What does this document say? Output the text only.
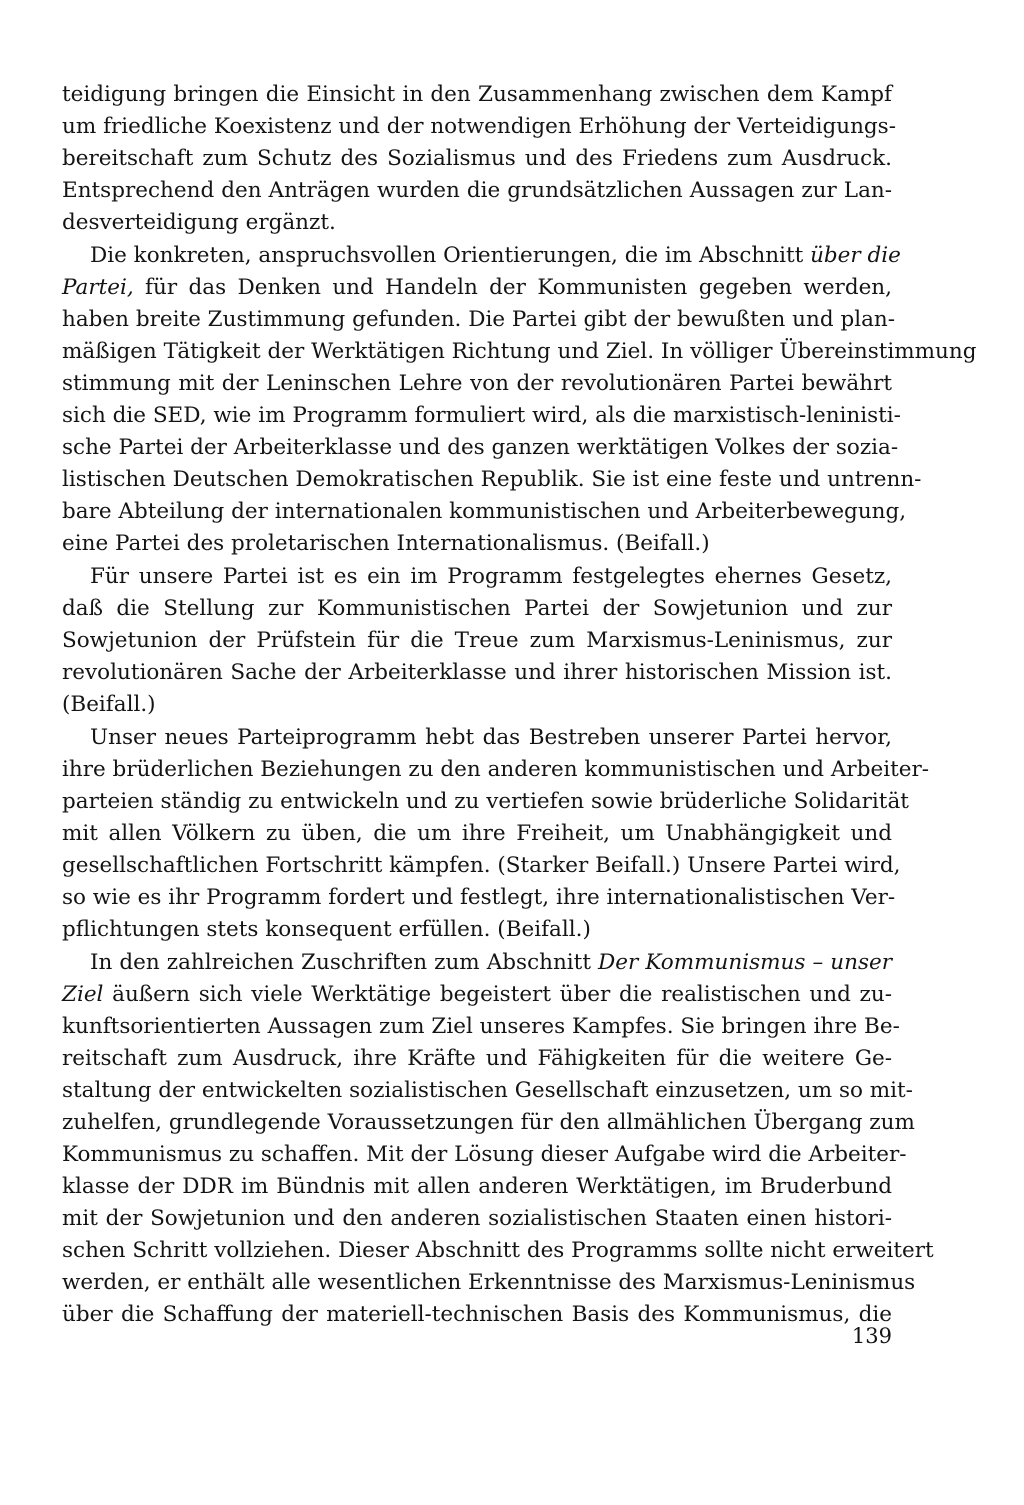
teidigung bringen die Einsicht in den Zusammenhang zwischen dem Kampf
um friedliche Koexistenz und der notwendigen Erhöhung der Verteidigungs-
bereitschaft zum Schutz des Sozialismus und des Friedens zum Ausdruck.
Entsprechend den Anträgen wurden die grundsätzlichen Aussagen zur Lan-
desverteidigung ergänzt.
Die konkreten, anspruchsvollen Orientierungen, die im Abschnitt über die
Partei, für das Denken und Handeln der Kommunisten gegeben werden,
haben breite Zustimmung gefunden. Die Partei gibt der bewußten und plan-
mäßigen Tätigkeit der Werktätigen Richtung und Ziel. In völliger Übereinstimmung
stimmung mit der Leninschen Lehre von der revolutionären Partei bewährt
sich die SED, wie im Programm formuliert wird, als die marxistisch-leninisti-
sche Partei der Arbeiterklasse und des ganzen werktätigen Volkes der sozia-
listischen Deutschen Demokratischen Republik. Sie ist eine feste und untrenn-
bare Abteilung der internationalen kommunistischen und Arbeiterbewegung,
eine Partei des proletarischen Internationalismus. (Beifall.)
Für unsere Partei ist es ein im Programm festgelegtes ehernes Gesetz,
daß die Stellung zur Kommunistischen Partei der Sowjetunion und zur
Sowjetunion der Prüfstein für die Treue zum Marxismus-Leninismus, zur
revolutionären Sache der Arbeiterklasse und ihrer historischen Mission ist.
(Beifall.)
Unser neues Parteiprogramm hebt das Bestreben unserer Partei hervor,
ihre brüderlichen Beziehungen zu den anderen kommunistischen und Arbeiter-
parteien ständig zu entwickeln und zu vertiefen sowie brüderliche Solidarität
mit allen Völkern zu üben, die um ihre Freiheit, um Unabhängigkeit und
gesellschaftlichen Fortschritt kämpfen. (Starker Beifall.) Unsere Partei wird,
so wie es ihr Programm fordert und festlegt, ihre internationalistischen Ver-
pflichtungen stets konsequent erfüllen. (Beifall.)
In den zahlreichen Zuschriften zum Abschnitt Der Kommunismus – unser
Ziel äußern sich viele Werktätige begeistert über die realistischen und zu-
kunftsorientierten Aussagen zum Ziel unseres Kampfes. Sie bringen ihre Be-
reitschaft zum Ausdruck, ihre Kräfte und Fähigkeiten für die weitere Ge-
staltung der entwickelten sozialistischen Gesellschaft einzusetzen, um so mit-
zuhelfen, grundlegende Voraussetzungen für den allmählichen Übergang zum
Kommunismus zu schaffen. Mit der Lösung dieser Aufgabe wird die Arbeiter-
klasse der DDR im Bündnis mit allen anderen Werktätigen, im Bruderbund
mit der Sowjetunion und den anderen sozialistischen Staaten einen histori-
schen Schritt vollziehen. Dieser Abschnitt des Programms sollte nicht erweitert
werden, er enthält alle wesentlichen Erkenntnisse des Marxismus-Leninismus
über die Schaffung der materiell-technischen Basis des Kommunismus, die
139
